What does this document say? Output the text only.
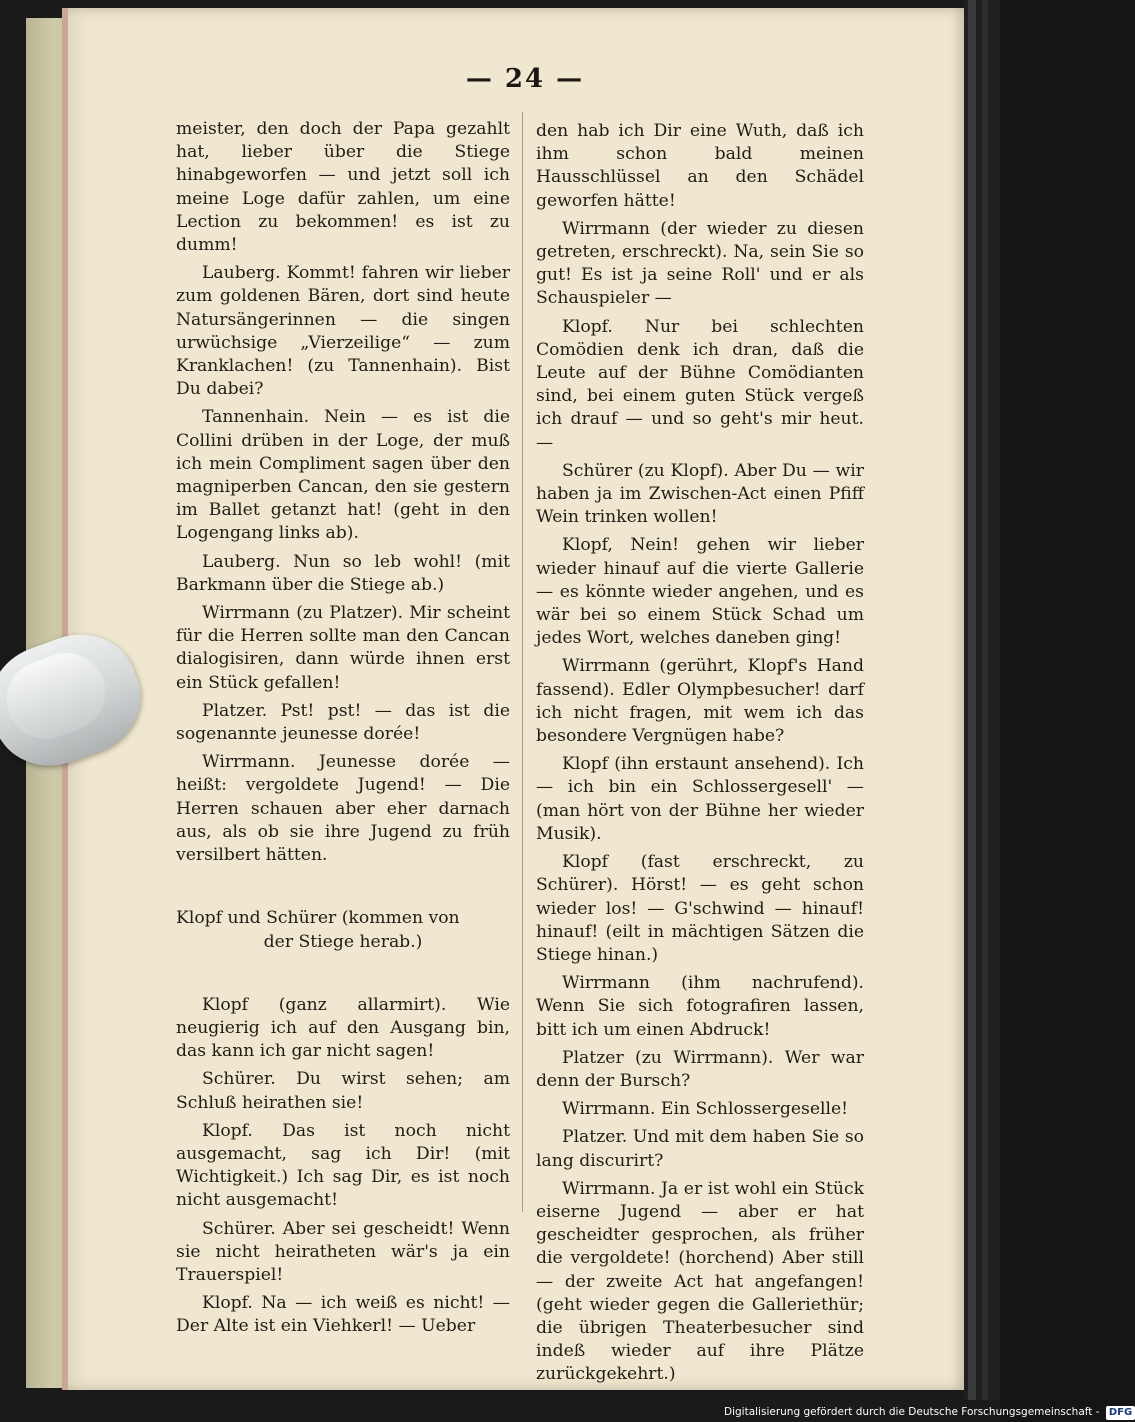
— 24 —

meister, den doch der Papa gezahlt hat, lieber über die Stiege hinabgeworfen — und jetzt soll ich meine Loge dafür zahlen, um eine Lection zu bekommen! es ist zu dumm!

Lauberg. Kommt! fahren wir lieber zum goldenen Bären, dort sind heute Natursängerinnen — die singen urwüchsige „Vierzeilige“ — zum Kranklachen! (zu Tannenhain). Bist Du dabei?

Tannenhain. Nein — es ist die Collini drüben in der Loge, der muß ich mein Compliment sagen über den magniperben Cancan, den sie gestern im Ballet getanzt hat! (geht in den Logengang links ab).

Lauberg. Nun so leb wohl! (mit Barkmann über die Stiege ab.)

Wirrmann (zu Platzer). Mir scheint für die Herren sollte man den Cancan dialogisiren, dann würde ihnen erst ein Stück gefallen!

Platzer. Pst! pst! — das ist die sogenannte jeunesse dorée!

Wirrmann. Jeunesse dorée — heißt: vergoldete Jugend! — Die Herren schauen aber eher darnach aus, als ob sie ihre Jugend zu früh versilbert hätten.

Klopf und Schürer (kommen von
der Stiege herab.)

Klopf (ganz allarmirt). Wie neugierig ich auf den Ausgang bin, das kann ich gar nicht sagen!

Schürer. Du wirst sehen; am Schluß heirathen sie!

Klopf. Das ist noch nicht ausgemacht, sag ich Dir! (mit Wichtigkeit.) Ich sag Dir, es ist noch nicht ausgemacht!

Schürer. Aber sei gescheidt! Wenn sie nicht heiratheten wär's ja ein Trauerspiel!

Klopf. Na — ich weiß es nicht! — Der Alte ist ein Viehkerl! — Ueber

den hab ich Dir eine Wuth, daß ich ihm schon bald meinen Hausschlüssel an den Schädel geworfen hätte!

Wirrmann (der wieder zu diesen getreten, erschreckt). Na, sein Sie so gut! Es ist ja seine Roll' und er als Schauspieler —

Klopf. Nur bei schlechten Comödien denk ich dran, daß die Leute auf der Bühne Comödianten sind, bei einem guten Stück vergeß ich drauf — und so geht's mir heut. —

Schürer (zu Klopf). Aber Du — wir haben ja im Zwischen-Act einen Pfiff Wein trinken wollen!

Klopf, Nein! gehen wir lieber wieder hinauf auf die vierte Gallerie — es könnte wieder angehen, und es wär bei so einem Stück Schad um jedes Wort, welches daneben ging!

Wirrmann (gerührt, Klopf's Hand fassend). Edler Olympbesucher! darf ich nicht fragen, mit wem ich das besondere Vergnügen habe?

Klopf (ihn erstaunt ansehend). Ich — ich bin ein Schlossergesell' — (man hört von der Bühne her wieder Musik).

Klopf (fast erschreckt, zu Schürer). Hörst! — es geht schon wieder los! — G'schwind — hinauf! hinauf! (eilt in mächtigen Sätzen die Stiege hinan.)

Wirrmann (ihm nachrufend). Wenn Sie sich fotografiren lassen, bitt ich um einen Abdruck!

Platzer (zu Wirrmann). Wer war denn der Bursch?

Wirrmann. Ein Schlossergeselle!

Platzer. Und mit dem haben Sie so lang discurirt?

Wirrmann. Ja er ist wohl ein Stück eiserne Jugend — aber er hat gescheidter gesprochen, als früher die vergoldete! (horchend) Aber still — der zweite Act hat angefangen! (geht wieder gegen die Galleriethür; die übrigen Theaterbesucher sind indeß wieder auf ihre Plätze zurückgekehrt.)

Digitalisierung gefördert durch die Deutsche Forschungsgemeinschaft - DFG
